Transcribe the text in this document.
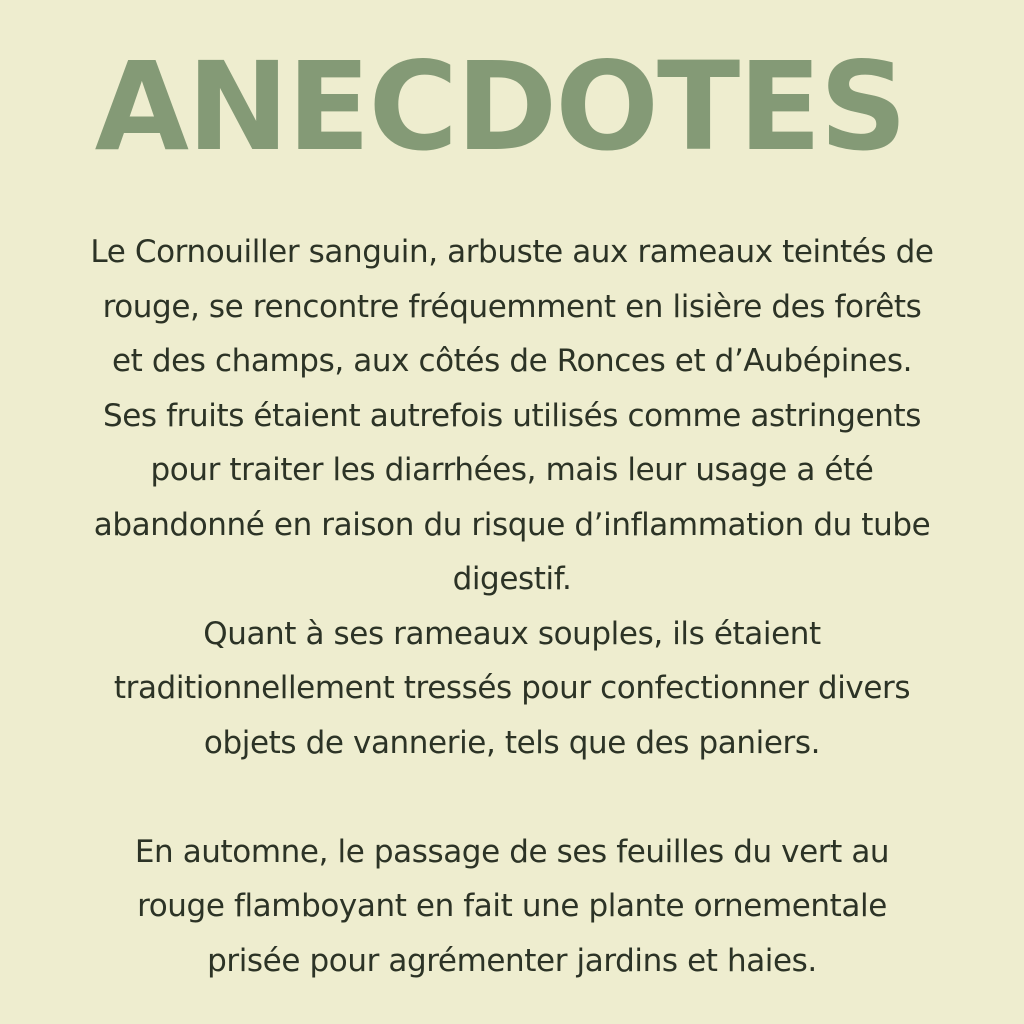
ANECDOTES
Le Cornouiller sanguin, arbuste aux rameaux teintés de
rouge, se rencontre fréquemment en lisière des forêts
et des champs, aux côtés de Ronces et d’Aubépines.
Ses fruits étaient autrefois utilisés comme astringents
pour traiter les diarrhées, mais leur usage a été
abandonné en raison du risque d’inflammation du tube
digestif.
Quant à ses rameaux souples, ils étaient
traditionnellement tressés pour confectionner divers
objets de vannerie, tels que des paniers.
En automne, le passage de ses feuilles du vert au
rouge flamboyant en fait une plante ornementale
prisée pour agrémenter jardins et haies.
